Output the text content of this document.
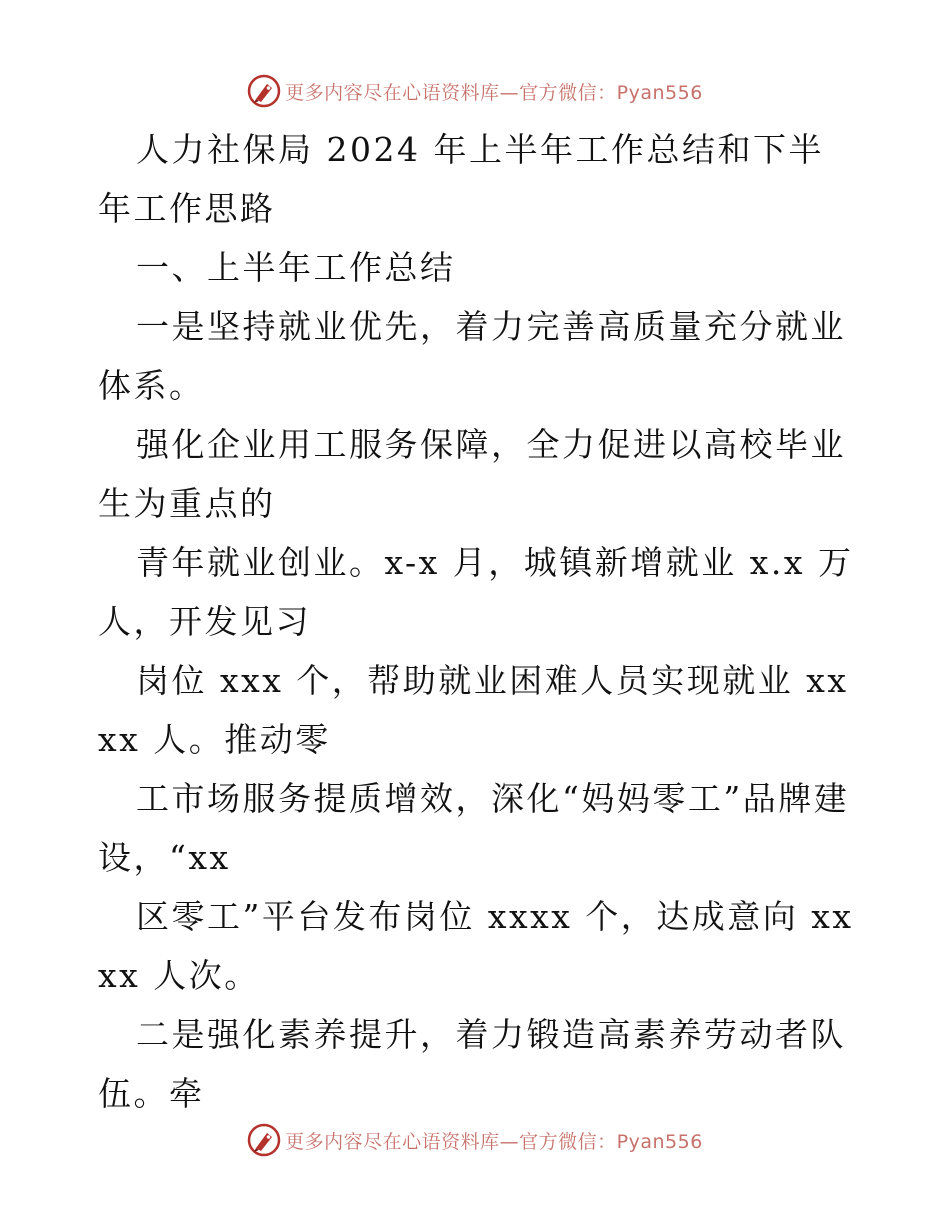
更多内容尽在心语资料库—官方微信：Pyan556

人力社保局 2024 年上半年工作总结和下半年工作思路

一、上半年工作总结

一是坚持就业优先，着力完善高质量充分就业体系。

强化企业用工服务保障，全力促进以高校毕业生为重点的

青年就业创业。x-x 月，城镇新增就业 x.x 万人，开发见习

岗位 xxx 个，帮助就业困难人员实现就业 xxxx 人。推动零

工市场服务提质增效，深化“妈妈零工”品牌建设，“xx

区零工”平台发布岗位 xxxx 个，达成意向 xxxx 人次。

二是强化素养提升，着力锻造高素养劳动者队伍。牵

更多内容尽在心语资料库—官方微信：Pyan556
